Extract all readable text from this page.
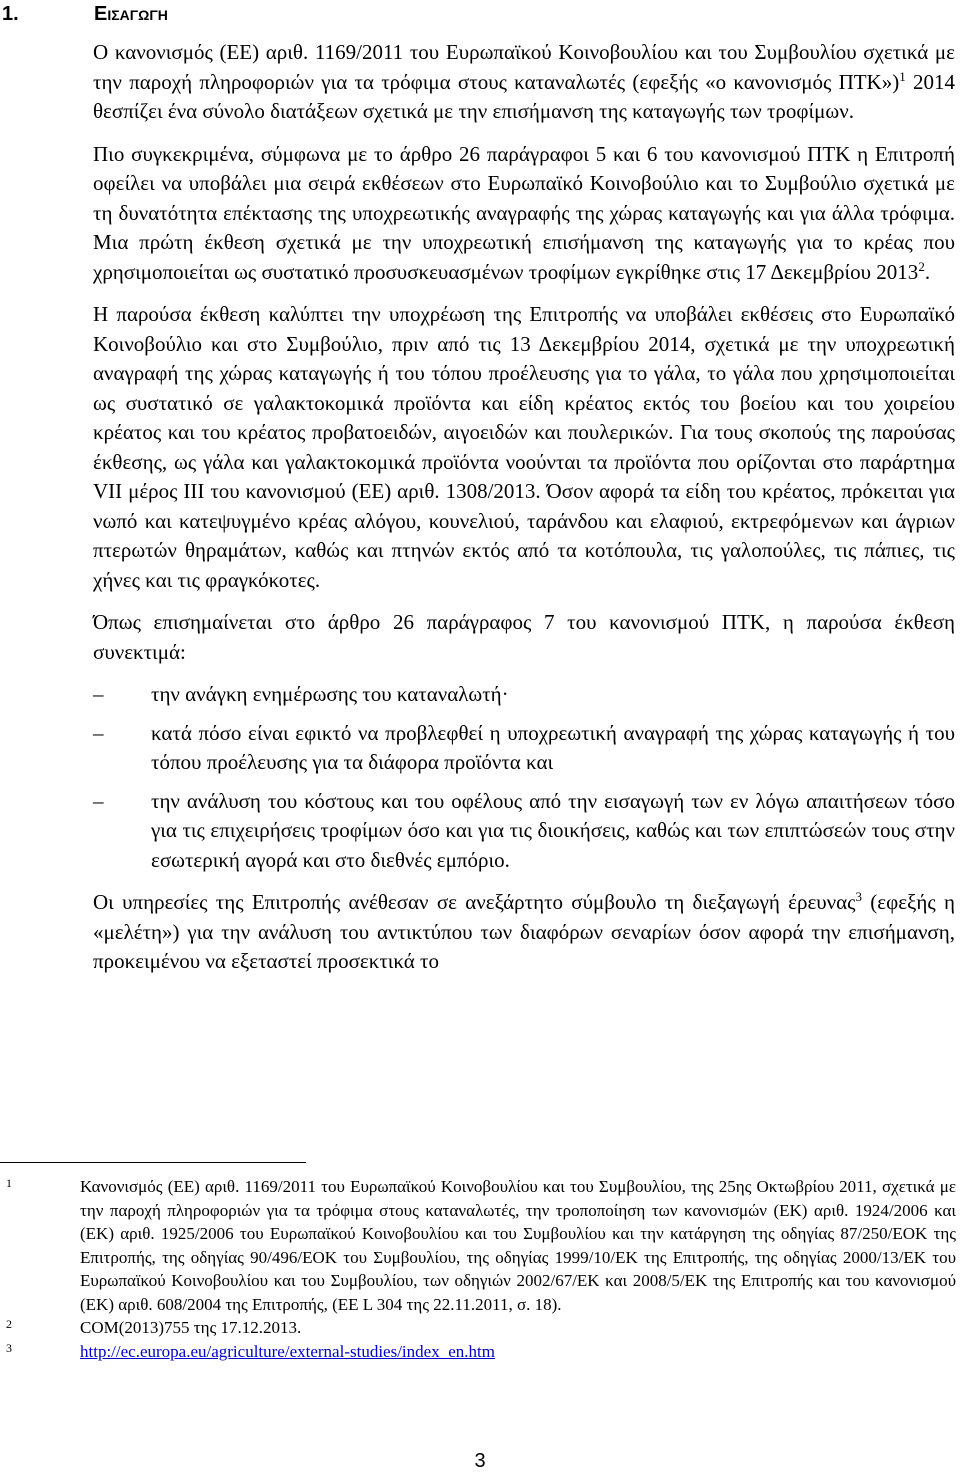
1.	Εισαγωγη

Ο κανονισμός (ΕΕ) αριθ. 1169/2011 του Ευρωπαϊκού Κοινοβουλίου και του Συμβουλίου σχετικά με την παροχή πληροφοριών για τα τρόφιμα στους καταναλωτές (εφεξής «ο κανονισμός ΠΤΚ»)$^1$ 2014 θεσπίζει ένα σύνολο διατάξεων σχετικά με την επισήμανση της καταγωγής των τροφίμων.

Πιο συγκεκριμένα, σύμφωνα με το άρθρο 26 παράγραφοι 5 και 6 του κανονισμού ΠΤΚ η Επιτροπή οφείλει να υποβάλει μια σειρά εκθέσεων στο Ευρωπαϊκό Κοινοβούλιο και το Συμβούλιο σχετικά με τη δυνατότητα επέκτασης της υποχρεωτικής αναγραφής της χώρας καταγωγής και για άλλα τρόφιμα. Μια πρώτη έκθεση σχετικά με την υποχρεωτική επισήμανση της καταγωγής για το κρέας που χρησιμοποιείται ως συστατικό προσυσκευασμένων τροφίμων εγκρίθηκε στις 17 Δεκεμβρίου 2013$^2$.

Η παρούσα έκθεση καλύπτει την υποχρέωση της Επιτροπής να υποβάλει εκθέσεις στο Ευρωπαϊκό Κοινοβούλιο και στο Συμβούλιο, πριν από τις 13 Δεκεμβρίου 2014, σχετικά με την υποχρεωτική αναγραφή της χώρας καταγωγής ή του τόπου προέλευσης για το γάλα, το γάλα που χρησιμοποιείται ως συστατικό σε γαλακτοκομικά προϊόντα και είδη κρέατος εκτός του βοείου και του χοιρείου κρέατος και του κρέατος προβατοειδών, αιγοειδών και πουλερικών. Για τους σκοπούς της παρούσας έκθεσης, ως γάλα και γαλακτοκομικά προϊόντα νοούνται τα προϊόντα που ορίζονται στο παράρτημα VII μέρος III του κανονισμού (ΕΕ) αριθ. 1308/2013. Όσον αφορά τα είδη του κρέατος, πρόκειται για νωπό και κατεψυγμένο κρέας αλόγου, κουνελιού, ταράνδου και ελαφιού, εκτρεφόμενων και άγριων πτερωτών θηραμάτων, καθώς και πτηνών εκτός από τα κοτόπουλα, τις γαλοπούλες, τις πάπιες, τις χήνες και τις φραγκόκοτες.

Όπως επισημαίνεται στο άρθρο 26 παράγραφος 7 του κανονισμού ΠΤΚ, η παρούσα έκθεση συνεκτιμά:

–	την ανάγκη ενημέρωσης του καταναλωτή·
–	κατά πόσο είναι εφικτό να προβλεφθεί η υποχρεωτική αναγραφή της χώρας καταγωγής ή του τόπου προέλευσης για τα διάφορα προϊόντα και
–	την ανάλυση του κόστους και του οφέλους από την εισαγωγή των εν λόγω απαιτήσεων τόσο για τις επιχειρήσεις τροφίμων όσο και για τις διοικήσεις, καθώς και των επιπτώσεών τους στην εσωτερική αγορά και στο διεθνές εμπόριο.

Οι υπηρεσίες της Επιτροπής ανέθεσαν σε ανεξάρτητο σύμβουλο τη διεξαγωγή έρευνας$^3$ (εφεξής η «μελέτη») για την ανάλυση του αντικτύπου των διαφόρων σεναρίων όσον αφορά την επισήμανση, προκειμένου να εξεταστεί προσεκτικά το

1	Κανονισμός (ΕΕ) αριθ. 1169/2011 του Ευρωπαϊκού Κοινοβουλίου και του Συμβουλίου, της 25ης Οκτωβρίου 2011, σχετικά με την παροχή πληροφοριών για τα τρόφιμα στους καταναλωτές, την τροποποίηση των κανονισμών (ΕΚ) αριθ. 1924/2006 και (ΕΚ) αριθ. 1925/2006 του Ευρωπαϊκού Κοινοβουλίου και του Συμβουλίου και την κατάργηση της οδηγίας 87/250/ΕΟΚ της Επιτροπής, της οδηγίας 90/496/ΕΟΚ του Συμβουλίου, της οδηγίας 1999/10/ΕΚ της Επιτροπής, της οδηγίας 2000/13/ΕΚ του Ευρωπαϊκού Κοινοβουλίου και του Συμβουλίου, των οδηγιών 2002/67/ΕΚ και 2008/5/ΕΚ της Επιτροπής και του κανονισμού (ΕΚ) αριθ. 608/2004 της Επιτροπής, (ΕΕ L 304 της 22.11.2011, σ. 18).
2	COM(2013)755 της 17.12.2013.
3	http://ec.europa.eu/agriculture/external-studies/index_en.htm
3
